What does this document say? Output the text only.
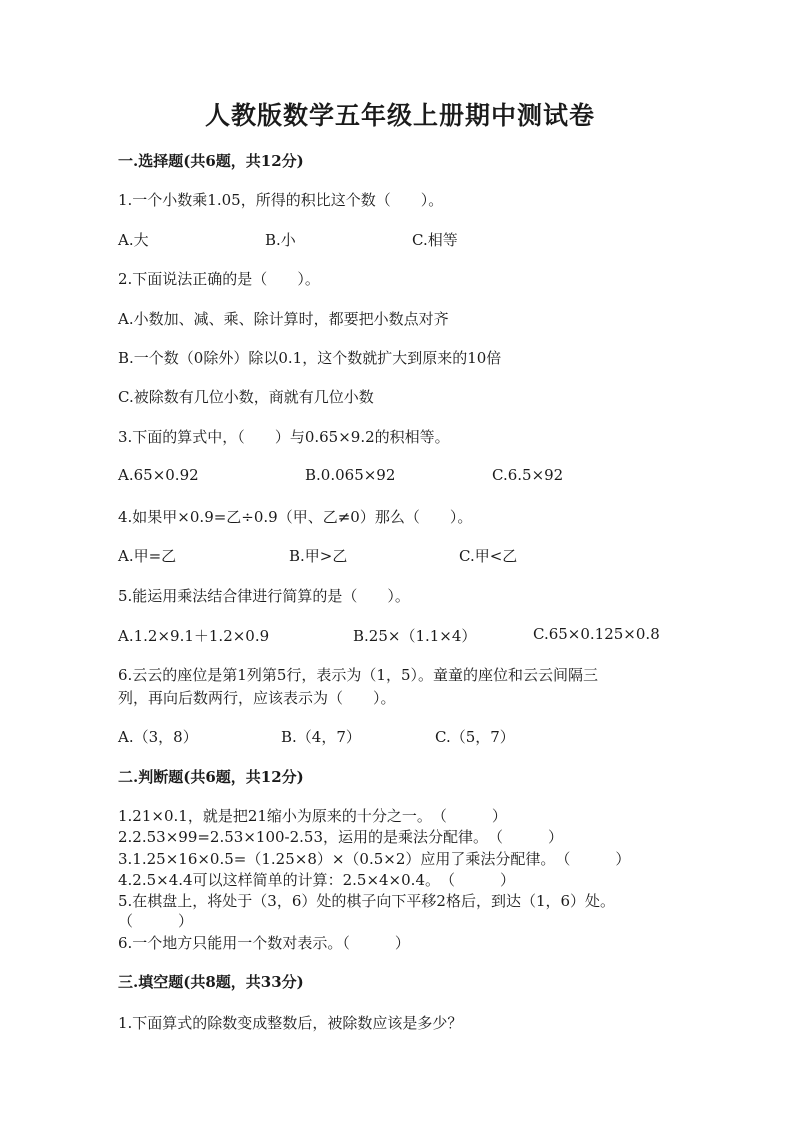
人教版数学五年级上册期中测试卷
一.选择题(共6题，共12分)
1.一个小数乘1.05，所得的积比这个数（　　）。
A.大	B.小	C.相等
2.下面说法正确的是（　　）。
A.小数加、减、乘、除计算时，都要把小数点对齐
B.一个数（0除外）除以0.1，这个数就扩大到原来的10倍
C.被除数有几位小数，商就有几位小数
3.下面的算式中，（　　）与0.65×9.2的积相等。
A.65×0.92	B.0.065×92	C.6.5×92
4.如果甲×0.9=乙÷0.9（甲、乙≠0）那么（　　）。
A.甲=乙	B.甲>乙	C.甲<乙
5.能运用乘法结合律进行简算的是（　　）。
A.1.2×9.1＋1.2×0.9	B.25×（1.1×4）	C.65×0.125×0.8
6.云云的座位是第1列第5行，表示为（1，5）。童童的座位和云云间隔三
列，再向后数两行，应该表示为（　　）。
A.（3，8）	B.（4，7）	C.（5，7）
二.判断题(共6题，共12分)
1.21×0.1，就是把21缩小为原来的十分之一。　（　　　）
2.2.53×99=2.53×100-2.53，运用的是乘法分配律。　（　　　）
3.1.25×16×0.5=（1.25×8）×（0.5×2）应用了乘法分配律。　（　　　）
4.2.5×4.4可以这样简单的计算：2.5×4×0.4。　（　　　）
5.在棋盘上，将处于（3，6）处的棋子向下平移2格后，到达（1，6）处。
（　　　）
6.一个地方只能用一个数对表示。（　　　）
三.填空题(共8题，共33分)
1.下面算式的除数变成整数后，被除数应该是多少？
